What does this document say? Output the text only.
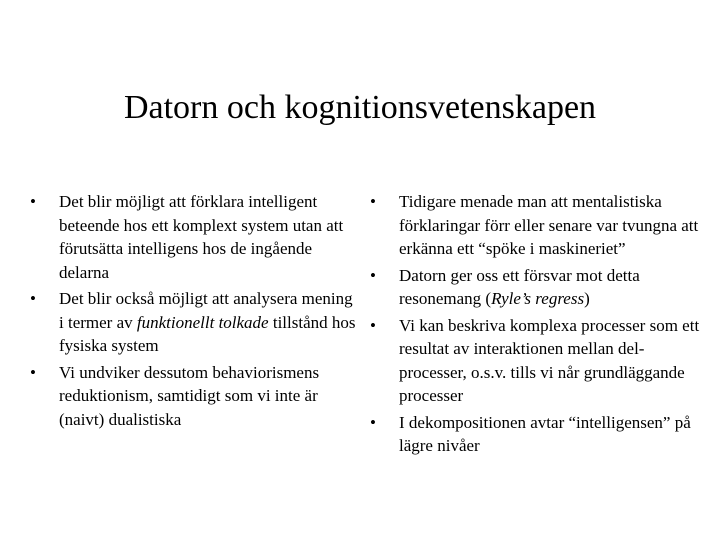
Datorn och kognitionsvetenskapen
• Det blir möjligt att förklara intelligent beteende hos ett komplext system utan att förutsätta intelligens hos de ingående delarna
• Det blir också möjligt att analysera mening i termer av funktionellt tolkade tillstånd hos fysiska system
• Vi undviker dessutom behaviorismens reduktionism, samtidigt som vi inte är (naivt) dualistiska
• Tidigare menade man att mentalistiska förklaringar förr eller senare var tvungna att erkänna ett “spöke i maskineriet”
• Datorn ger oss ett försvar mot detta resonemang (Ryle’s regress)
• Vi kan beskriva komplexa processer som ett resultat av interaktionen mellan del-processer, o.s.v. tills vi når grundläggande processer
• I dekompositionen avtar “intelligensen” på lägre nivåer
